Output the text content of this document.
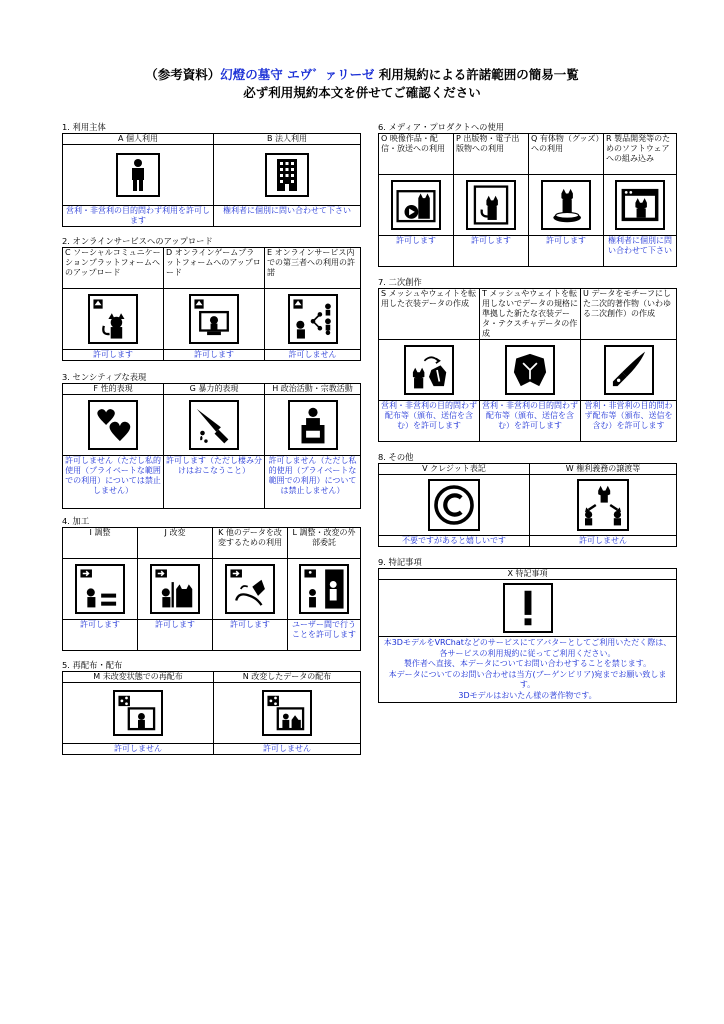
（参考資料）幻燈の墓守 エヴ゛ァリーゼ 利用規約による許諾範囲の簡易一覧
必ず利用規約本文を併せてご確認ください
1. 利用主体
A 個人利用	B 法人利用

営利・非営利の目的問わず利用を許可します	権利者に個別に問い合わせて下さい
2. オンラインサービスへのアップロード
C ソーシャルコミュニケーションプラットフォームへのアップロード	D オンラインゲームプラットフォームへのアップロード	E オンラインサービス内での第三者への利用の許諾

許可します	許可します	許可しません
3. センシティブな表現
F 性的表現	G 暴力的表現	H 政治活動・宗教活動

許可しません（ただし私的使用（プライベートな範囲での利用）については禁止しません）	許可します（ただし棲み分けはおこなうこと）	許可しません（ただし私的使用（プライベートな範囲での利用）については禁止しません）
4. 加工
I 調整	J 改変	K 他のデータを改変するための利用	L 調整・改変の外部委託

許可します	許可します	許可します	ユーザー間で行うことを許可します
5. 再配布・配布
M 未改変状態での再配布	N 改変したデータの配布

許可しません	許可しません
6. メディア・プロダクトへの使用
O 映像作品・配信・放送への利用	P 出版物・電子出版物への利用	Q 有体物（グッズ）への利用	R 製品開発等のためのソフトウェアへの組み込み

許可します	許可します	許可します	権利者に個別に問い合わせて下さい
7. 二次創作
S メッシュやウェイトを転用した衣装データの作成	T メッシュやウェイトを転用しないでデータの規格に準拠した新たな衣装データ・テクスチャデータの作成	U データをモチーフにした二次的著作物（いわゆる二次創作）の作成

営利・非営利の目的問わず配布等（頒布、送信を含む）を許可します	営利・非営利の目的問わず配布等（頒布、送信を含む）を許可します	営利・非営利の目的問わず配布等（頒布、送信を含む）を許可します
8. その他
V クレジット表記	W 権利義務の譲渡等

不要ですがあると嬉しいです	許可しません
9. 特記事項
X 特記事項

本3DモデルをVRChatなどのサービスにてアバターとしてご利用いただく際は、各サービスの利用規約に従ってご利用ください。
製作者へ直接、本データについてお問い合わせすることを禁じます。
本データについてのお問い合わせは当方(ブーゲンビリア)宛までお願い致します。
3Dモデルはおいたん様の著作物です。
